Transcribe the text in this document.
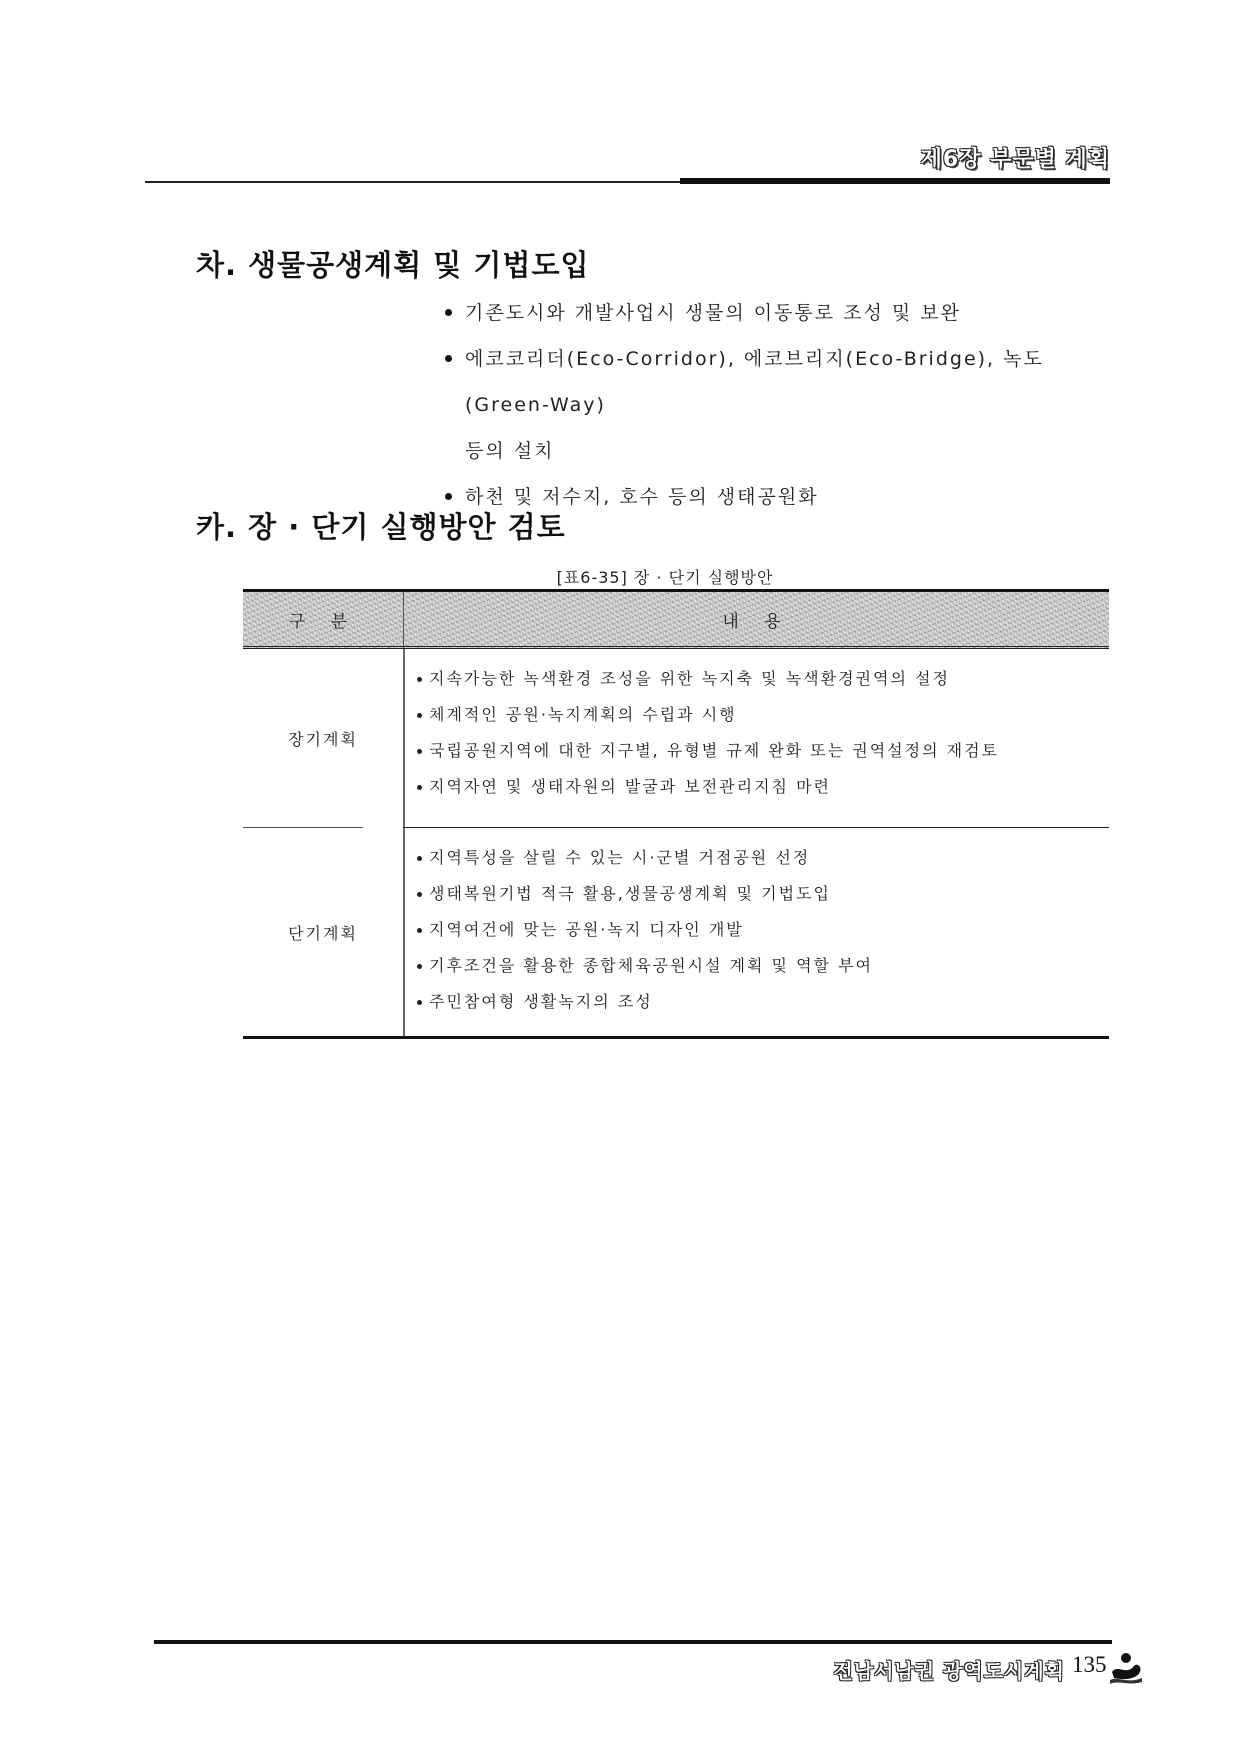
제6장 부문별 계획
차. 생물공생계획 및 기법도입
기존도시와 개발사업시 생물의 이동통로 조성 및 보완
에코코리더(Eco-Corridor), 에코브리지(Eco-Bridge), 녹도(Green-Way)
등의 설치
하천 및 저수지, 호수 등의 생태공원화
카. 장 · 단기 실행방안 검토
[표6-35] 장 · 단기 실행방안
구 분	내 용
장기계획
지속가능한 녹색환경 조성을 위한 녹지축 및 녹색환경권역의 설정
체계적인 공원·녹지계획의 수립과 시행
국립공원지역에 대한 지구별, 유형별 규제 완화 또는 권역설정의 재검토
지역자연 및 생태자원의 발굴과 보전관리지침 마련
단기계획
지역특성을 살릴 수 있는 시·군별 거점공원 선정
생태복원기법 적극 활용,생물공생계획 및 기법도입
지역여건에 맞는 공원·녹지 디자인 개발
기후조건을 활용한 종합체육공원시설 계획 및 역할 부여
주민참여형 생활녹지의 조성
전남서남권 광역도시계획 135
